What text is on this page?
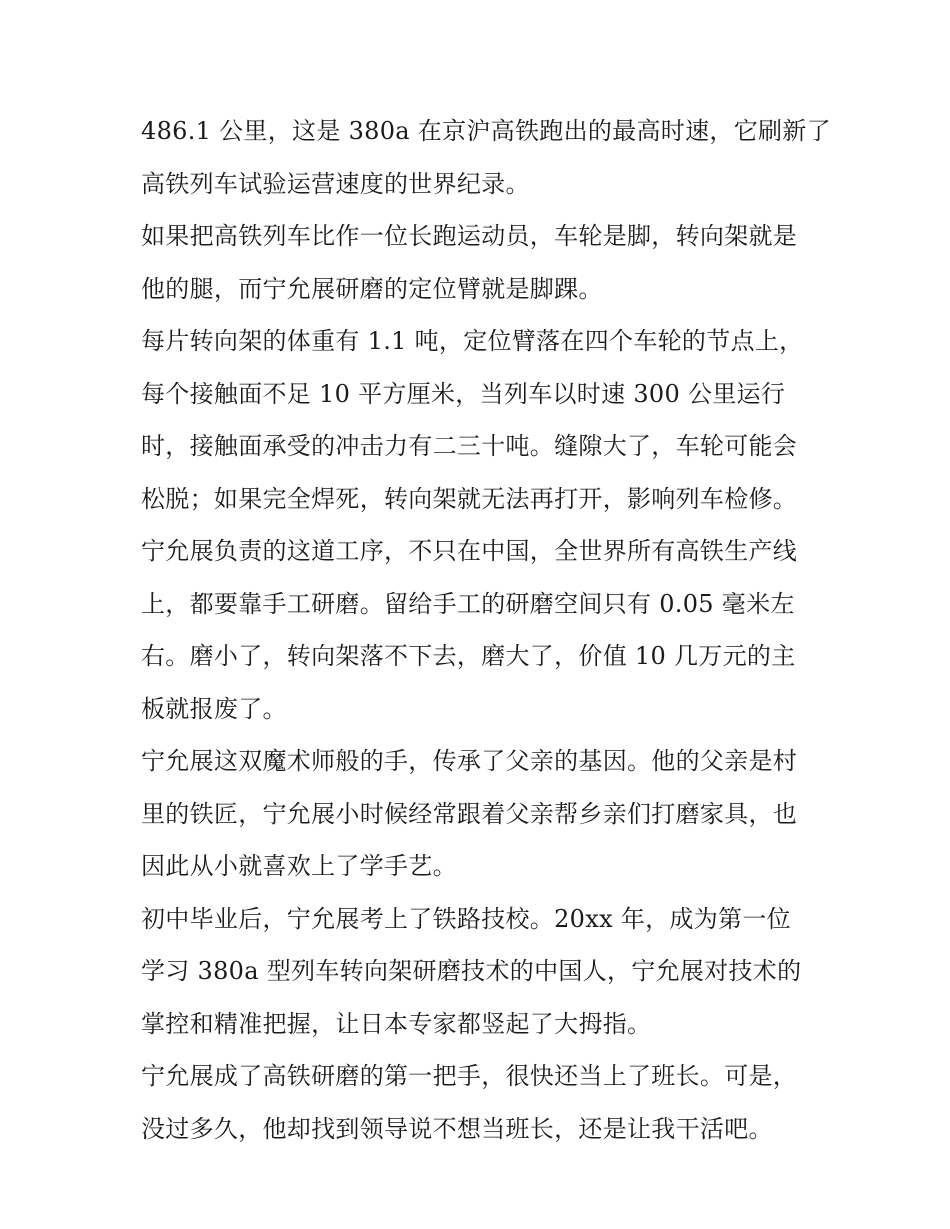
486.1 公里，这是 380a 在京沪高铁跑出的最高时速，它刷新了
高铁列车试验运营速度的世界纪录。
如果把高铁列车比作一位长跑运动员，车轮是脚，转向架就是
他的腿，而宁允展研磨的定位臂就是脚踝。
每片转向架的体重有 1.1 吨，定位臂落在四个车轮的节点上，
每个接触面不足 10 平方厘米，当列车以时速 300 公里运行
时，接触面承受的冲击力有二三十吨。缝隙大了，车轮可能会
松脱；如果完全焊死，转向架就无法再打开，影响列车检修。
宁允展负责的这道工序，不只在中国，全世界所有高铁生产线
上，都要靠手工研磨。留给手工的研磨空间只有 0.05 毫米左
右。磨小了，转向架落不下去，磨大了，价值 10 几万元的主
板就报废了。
宁允展这双魔术师般的手，传承了父亲的基因。他的父亲是村
里的铁匠，宁允展小时候经常跟着父亲帮乡亲们打磨家具，也
因此从小就喜欢上了学手艺。
初中毕业后，宁允展考上了铁路技校。20xx 年，成为第一位
学习 380a 型列车转向架研磨技术的中国人，宁允展对技术的
掌控和精准把握，让日本专家都竖起了大拇指。
宁允展成了高铁研磨的第一把手，很快还当上了班长。可是，
没过多久，他却找到领导说不想当班长，还是让我干活吧。
